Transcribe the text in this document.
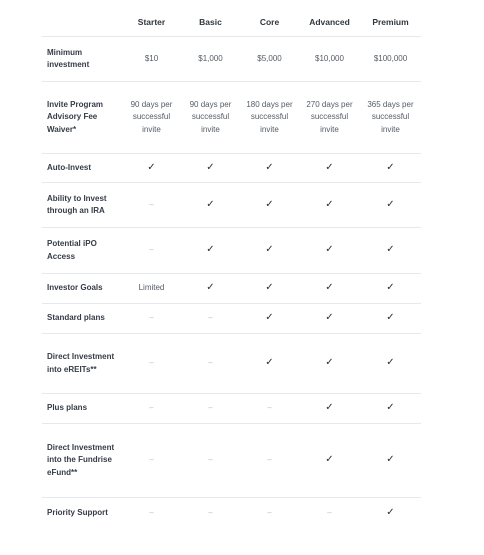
	Starter	Basic	Core	Advanced	Premium
Minimum investment	$10	$1,000	$5,000	$10,000	$100,000
Invite Program Advisory Fee Waiver*	90 days per successful invite	90 days per successful invite	180 days per successful invite	270 days per successful invite	365 days per successful invite
Auto-Invest	✓	✓	✓	✓	✓
Ability to Invest through an IRA	–	✓	✓	✓	✓
Potential iPO Access	–	✓	✓	✓	✓
Investor Goals	Limited	✓	✓	✓	✓
Standard plans	–	–	✓	✓	✓
Direct Investment into eREITs**	–	–	✓	✓	✓
Plus plans	–	–	–	✓	✓
Direct Investment into the Fundrise eFund**	–	–	–	✓	✓
Priority Support	–	–	–	–	✓
